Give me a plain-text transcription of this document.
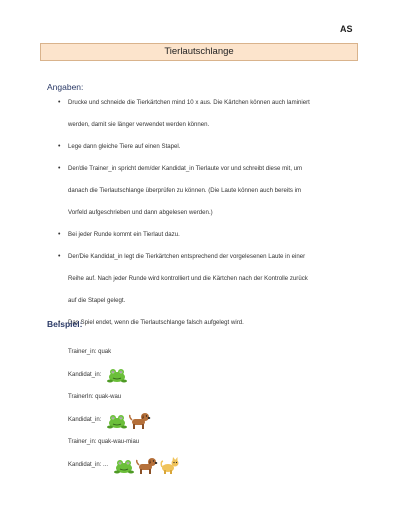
AS
Tierlautschlange
Angaben:
• Drucke und schneide die Tierkärtchen mind 10 x aus. Die Kärtchen können auch laminiert
werden, damit sie länger verwendet werden können.
• Lege dann gleiche Tiere auf einen Stapel.
• Der/die Trainer_in spricht dem/der Kandidat_in Tierlaute vor und schreibt diese mit, um
danach die Tierlautschlange überprüfen zu können. (Die Laute können auch bereits im
Vorfeld aufgeschrieben und dann abgelesen werden.)
• Bei jeder Runde kommt ein Tierlaut dazu.
• Der/Die Kandidat_in legt die Tierkärtchen entsprechend der vorgelesenen Laute in einer
Reihe auf. Nach jeder Runde wird kontrolliert und die Kärtchen nach der Kontrolle zurück
auf die Stapel gelegt.
• Das Spiel endet, wenn die Tierlautschlange falsch aufgelegt wird.
Beispiel:
Trainer_in: quak
Kandidat_in:
TrainerIn: quak-wau
Kandidat_in:
Trainer_in: quak-wau-miau
Kandidat_in: ...
